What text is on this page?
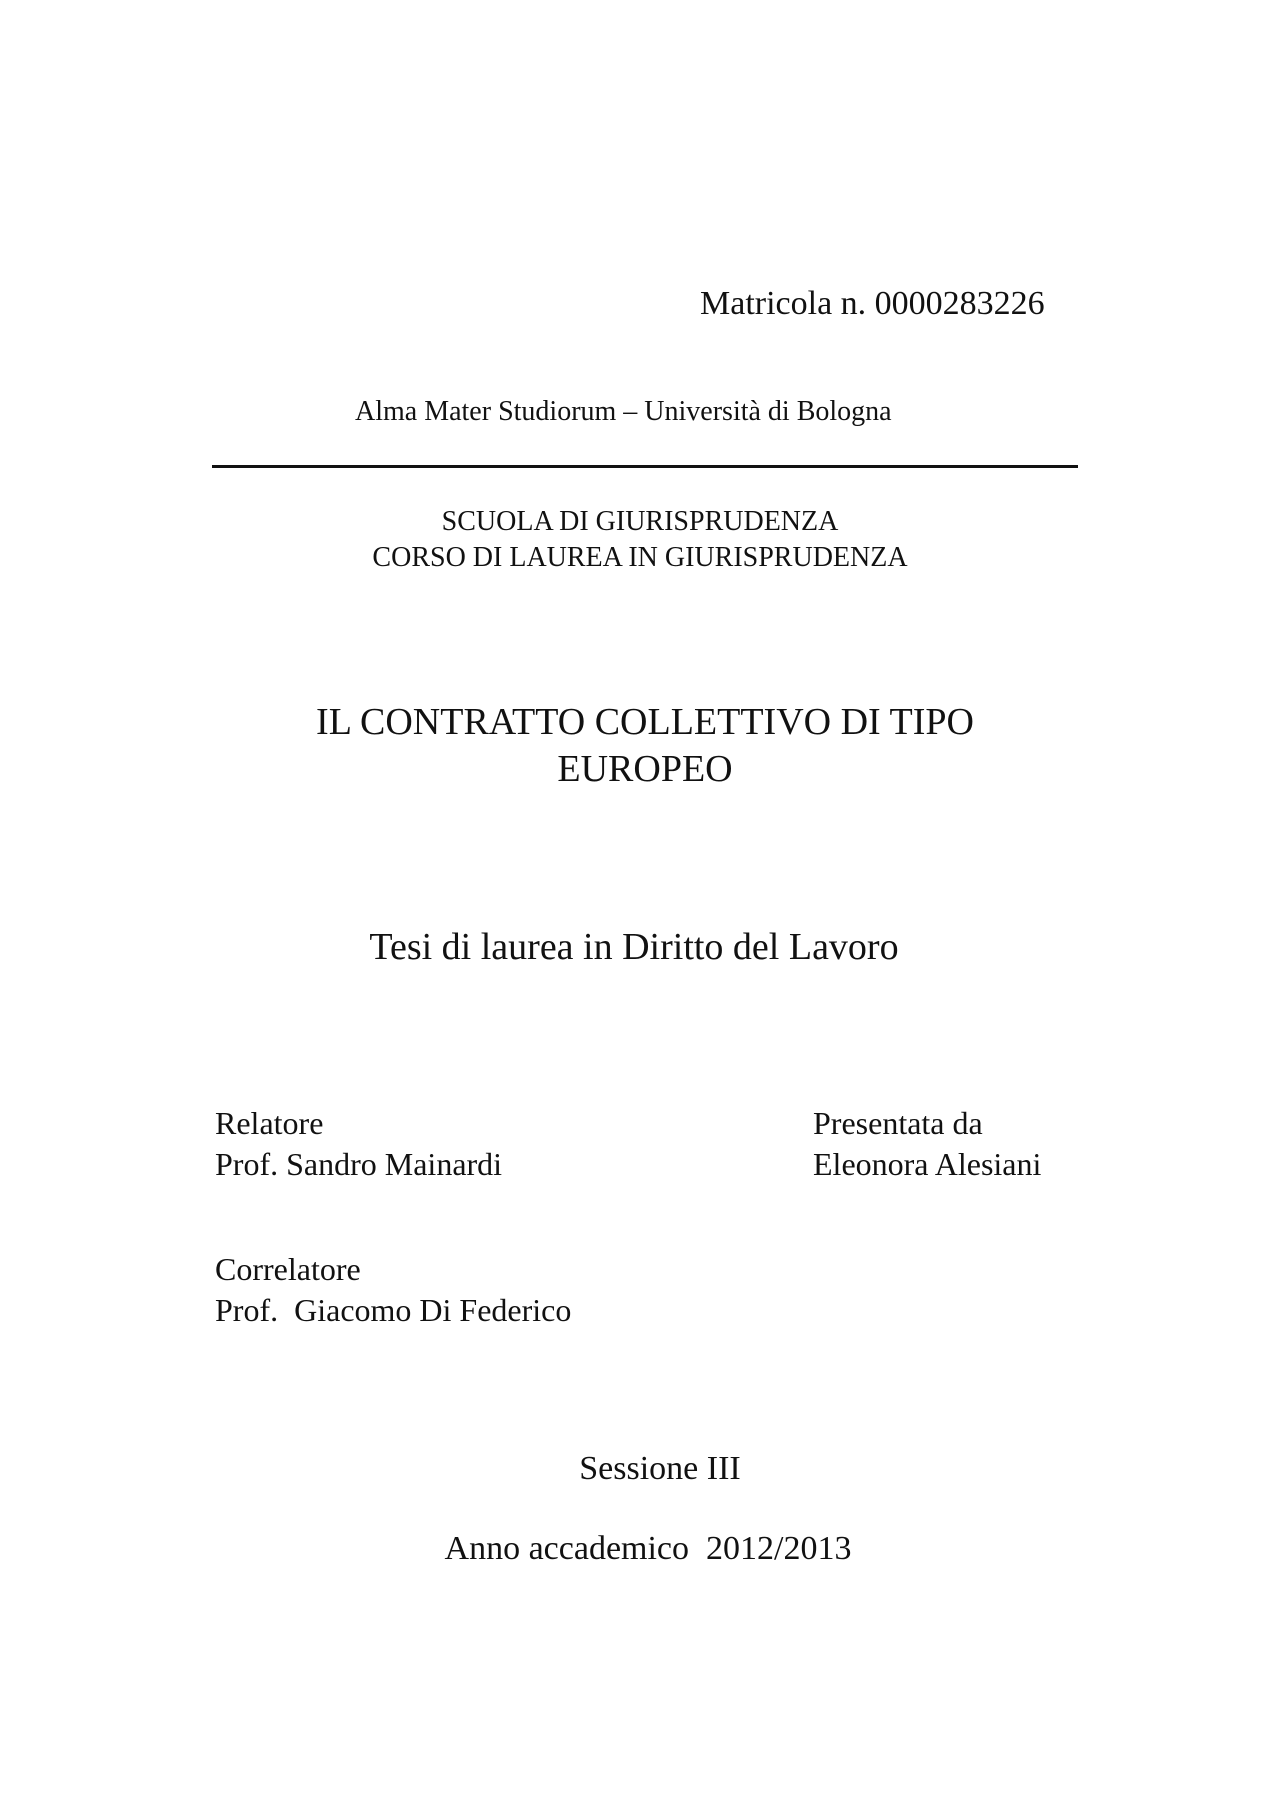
Matricola n. 0000283226
Alma Mater Studiorum – Università di Bologna
SCUOLA DI GIURISPRUDENZA
CORSO DI LAUREA IN GIURISPRUDENZA
IL CONTRATTO COLLETTIVO DI TIPO
EUROPEO
Tesi di laurea in Diritto del Lavoro
Relatore
Prof. Sandro Mainardi
Presentata da
Eleonora Alesiani
Correlatore
Prof.  Giacomo Di Federico
Sessione III
Anno accademico  2012/2013
